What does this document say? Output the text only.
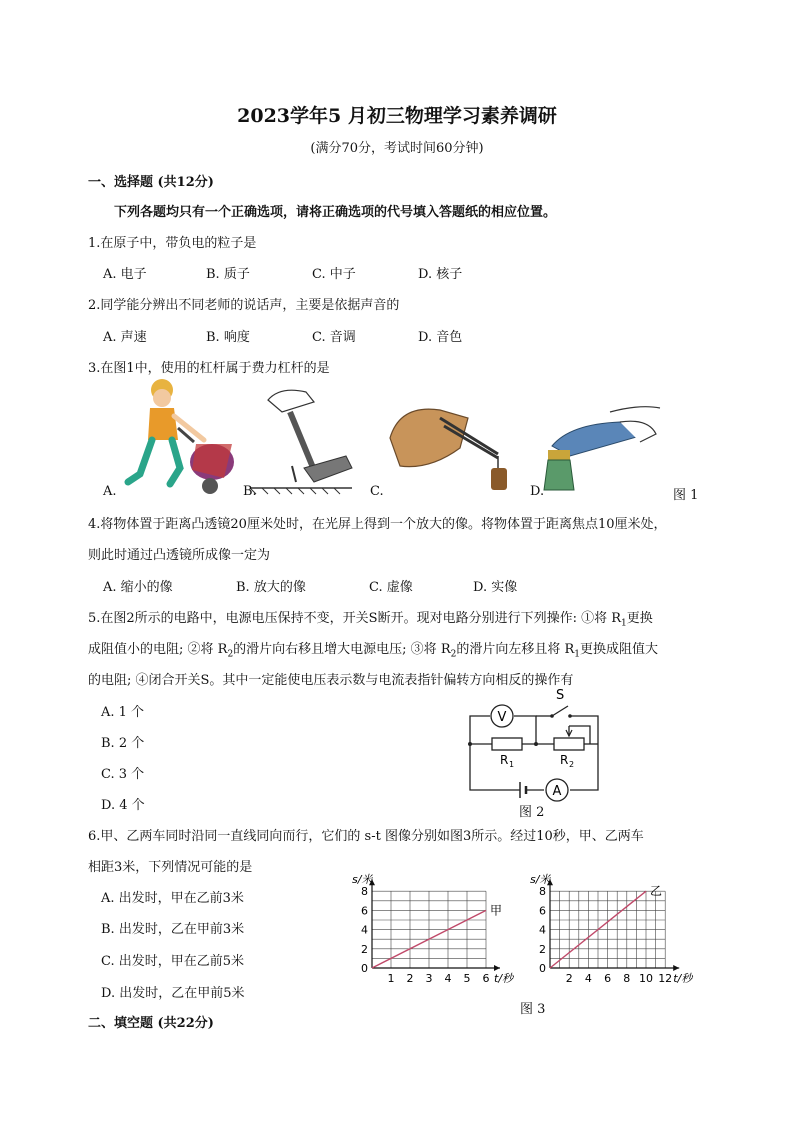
2023学年5 月初三物理学习素养调研
(满分70分，考试时间60分钟)
一、选择题 (共12分)
下列各题均只有一个正确选项，请将正确选项的代号填入答题纸的相应位置。
1.在原子中，带负电的粒子是
A. 电子	B. 质子	C. 中子	D. 核子
2.同学能分辨出不同老师的说话声，主要是依据声音的
A. 声速	B. 响度	C. 音调	D. 音色
3.在图1中，使用的杠杆属于费力杠杆的是
A.	B.	C.	D.	图 1
4.将物体置于距离凸透镜20厘米处时，在光屏上得到一个放大的像。将物体置于距离焦点10厘米处，
则此时通过凸透镜所成像一定为
A. 缩小的像	B. 放大的像	C. 虚像	D. 实像
5.在图2所示的电路中，电源电压保持不变，开关S断开。现对电路分别进行下列操作: ①将 $R_1$更换
成阻值小的电阻; ②将 $R_2$的滑片向右移且增大电源电压; ③将 $R_2$的滑片向左移且将 $R_1$更换成阻值大
的电阻; ④闭合开关S。其中一定能使电压表示数与电流表指针偏转方向相反的操作有
A. 1 个
B. 2 个
C. 3 个
D. 4 个
V
A
S
R 1	R 2
图 2
6.甲、乙两车同时沿同一直线同向而行，它们的 s-t 图像分别如图3所示。经过10秒，甲、乙两车
相距3米，下列情况可能的是
A. 出发时，甲在乙前3米
B. 出发时，乙在甲前3米
C. 出发时，甲在乙前5米
D. 出发时，乙在甲前5米
0
2
4
6
8
1 2 3 4 5 6
s/米
t/秒
甲
0
2
4
6
8
2 4 6 8 10 12
s/米
t/秒
乙
图 3
二、填空题 (共22分)
